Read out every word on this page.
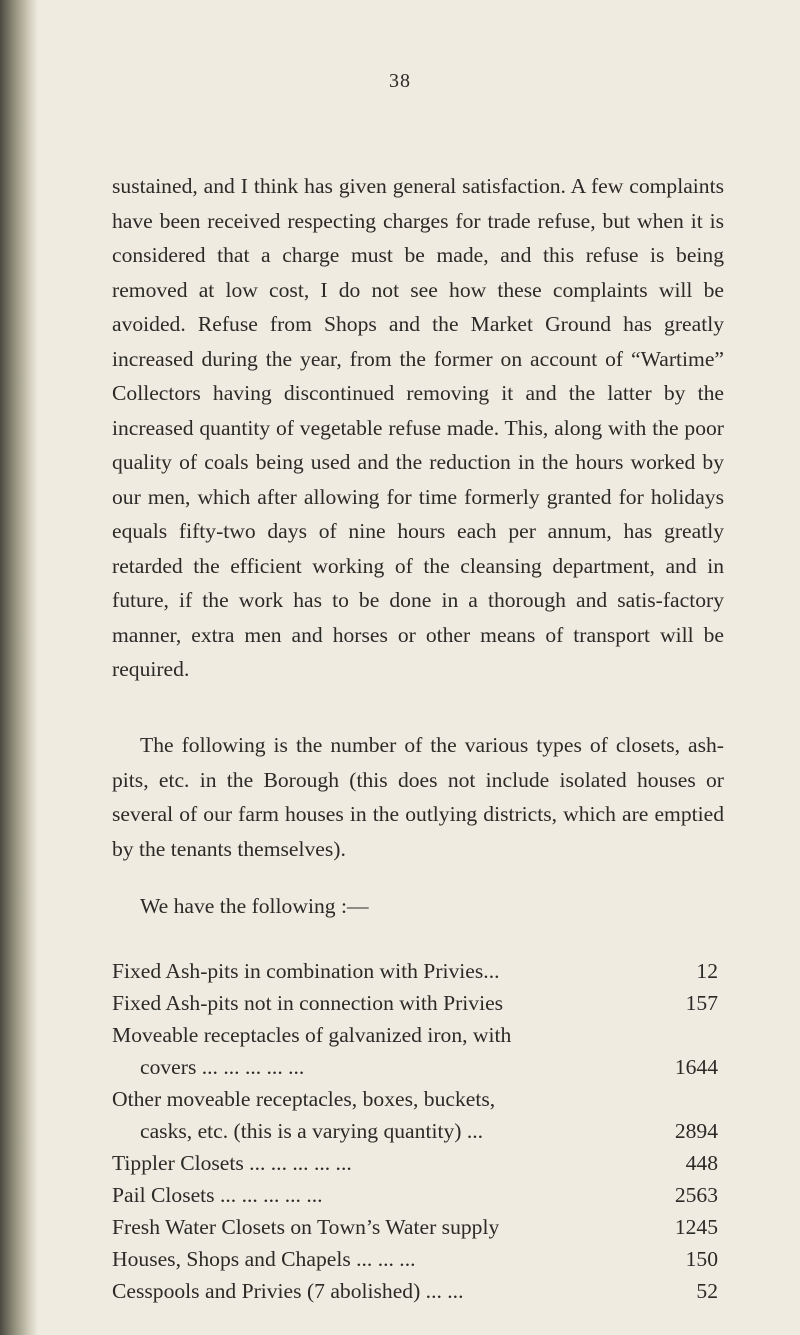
38

sustained, and I think has given general satisfaction. A few complaints have been received respecting charges for trade refuse, but when it is considered that a charge must be made, and this refuse is being removed at low cost, I do not see how these complaints will be avoided. Refuse from Shops and the Market Ground has greatly increased during the year, from the former on account of “Wartime” Collectors having discontinued removing it and the latter by the increased quantity of vegetable refuse made. This, along with the poor quality of coals being used and the reduction in the hours worked by our men, which after allowing for time formerly granted for holidays equals fifty-two days of nine hours each per annum, has greatly retarded the efficient working of the cleansing department, and in future, if the work has to be done in a thorough and satis-factory manner, extra men and horses or other means of transport will be required.

The following is the number of the various types of closets, ash-pits, etc. in the Borough (this does not include isolated houses or several of our farm houses in the outlying districts, which are emptied by the tenants themselves).

We have the following :—

Fixed Ash-pits in combination with Privies...	12
Fixed Ash-pits not in connection with Privies	157
Moveable receptacles of galvanized iron, with
covers ... ... ... ... ...	1644
Other moveable receptacles, boxes, buckets,
casks, etc. (this is a varying quantity) ...	2894
Tippler Closets ... ... ... ... ...	448
Pail Closets ... ... ... ... ...	2563
Fresh Water Closets on Town’s Water supply	1245
Houses, Shops and Chapels ... ... ...	150
Cesspools and Privies (7 abolished) ... ...	52
